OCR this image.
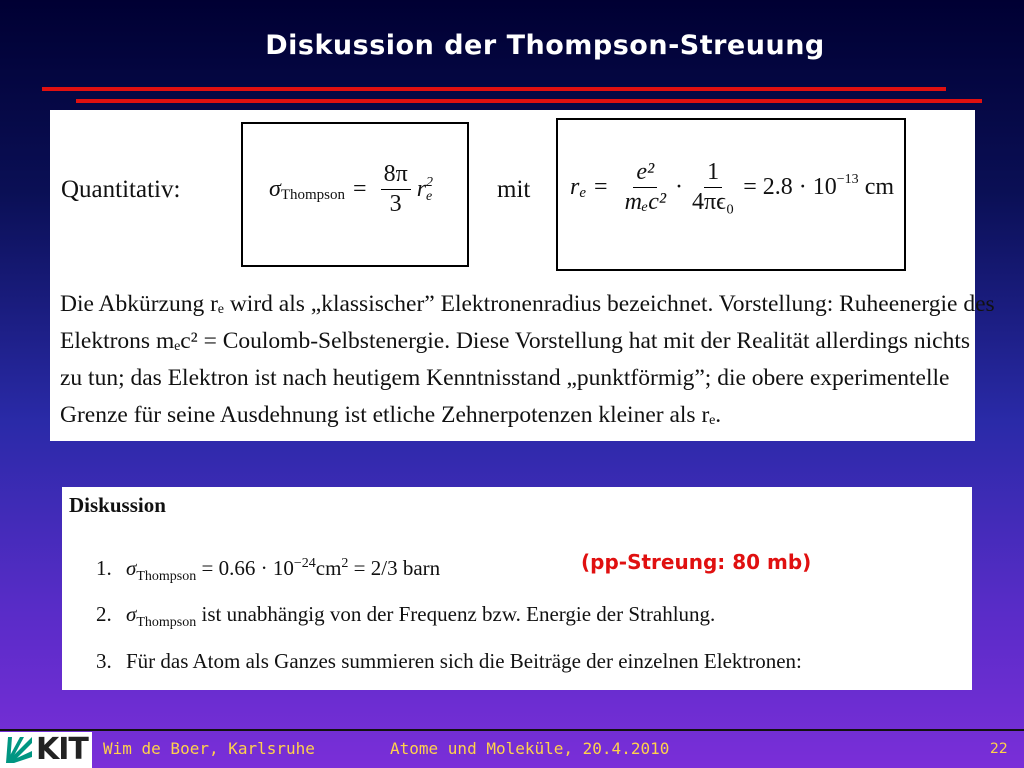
Diskussion der Thompson-Streuung
Quantitativ:	σ Thompson = $\frac{8\pi}{3}$ r 2
e	mit r $e = \frac{\text{e²}}{\text{mₑc²}} \cdot \frac{1}{\text{4πϵ₀}} = 2.8 \cdot 10^{-13}$ cm

Die Abkürzung rₑ wird als „klassischer” Elektronenradius bezeichnet. Vorstellung: Ruheenergie des

Elektrons mₑc² = Coulomb-Selbstenergie. Diese Vorstellung hat mit der Realität allerdings nichts

zu tun; das Elektron ist nach heutigem Kenntnisstand „punktförmig”; die obere experimentelle

Grenze für seine Ausdehnung ist etliche Zehnerpotenzen kleiner als rₑ.

Diskussion
1. $\sigma_{Thompson} = 0.66 \cdot 10^{-24}cm^2 = 2/3$ barn
2. $\sigma_{Thompson}$ ist unabhängig von der Frequenz bzw. Energie der Strahlung.
3. Für das Atom als Ganzes summieren sich die Beiträge der einzelnen Elektronen:
(pp-Streung: 80 mb)
KIT Wim de Boer, Karlsruhe	Atome und Moleküle, 20.4.2010	22
